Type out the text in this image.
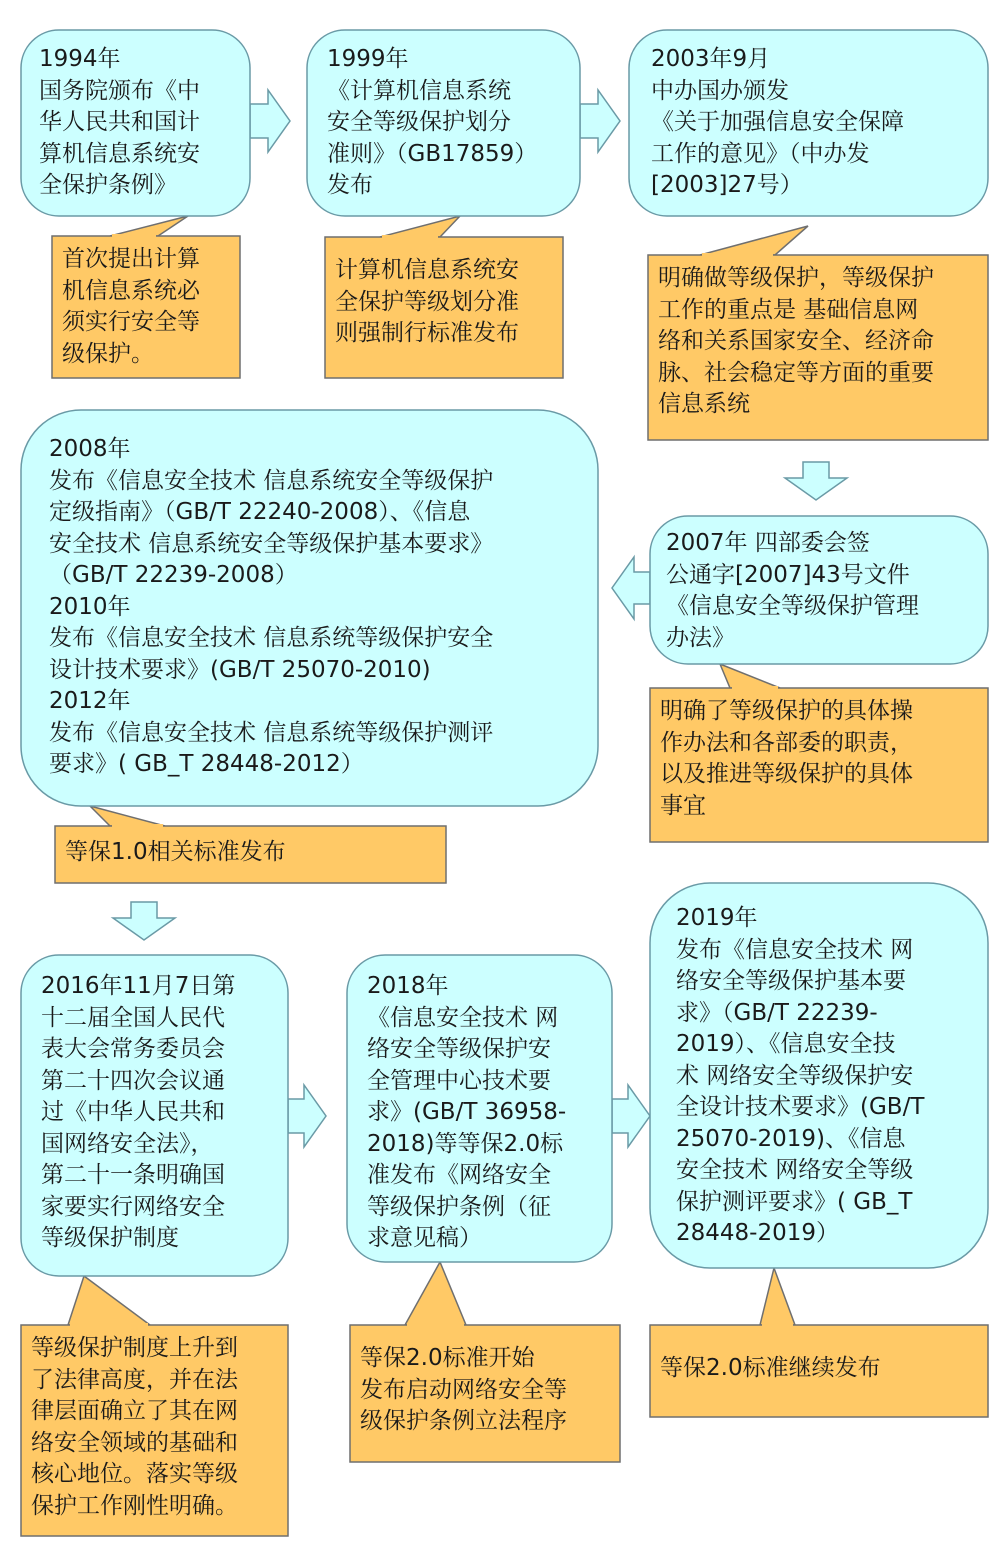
1994年
国务院颁布《中
华人民共和国计
算机信息系统安
全保护条例》
1999年
《计算机信息系统
安全等级保护划分
准则》（GB17859）
发布
2003年9月
中办国办颁发
《关于加强信息安全保障
工作的意见》（中办发
[2003]27号）
2007年 四部委会签
公通字[2007]43号文件
《信息安全等级保护管理
办法》
2008年
发布《信息安全技术 信息系统安全等级保护
定级指南》（GB/T 22240-2008）、《信息
安全技术 信息系统安全等级保护基本要求》
（GB/T 22239-2008）
2010年
发布《信息安全技术 信息系统等级保护安全
设计技术要求》(GB/T 25070-2010)
2012年
发布《信息安全技术 信息系统等级保护测评
要求》( GB_T 28448-2012）
2016年11月7日第
十二届全国人民代
表大会常务委员会
第二十四次会议通
过《中华人民共和
国网络安全法》，
第二十一条明确国
家要实行网络安全
等级保护制度
2018年
《信息安全技术 网
络安全等级保护安
全管理中心技术要
求》(GB/T 36958-
2018)等等保2.0标
准发布《网络安全
等级保护条例（征
求意见稿）
2019年
发布《信息安全技术 网
络安全等级保护基本要
求》（GB/T 22239-
2019）、《信息安全技
术 网络安全等级保护安
全设计技术要求》(GB/T
25070-2019)、《信息
安全技术 网络安全等级
保护测评要求》( GB_T
28448-2019）
首次提出计算
机信息系统必
须实行安全等
级保护。
计算机信息系统安
全保护等级划分准
则强制行标准发布
明确做等级保护，等级保护
工作的重点是 基础信息网
络和关系国家安全、经济命
脉、社会稳定等方面的重要
信息系统
明确了等级保护的具体操
作办法和各部委的职责，
以及推进等级保护的具体
事宜
等保1.0相关标准发布
等级保护制度上升到
了法律高度，并在法
律层面确立了其在网
络安全领域的基础和
核心地位。落实等级
保护工作刚性明确。
等保2.0标准开始
发布启动网络安全等
级保护条例立法程序
等保2.0标准继续发布
